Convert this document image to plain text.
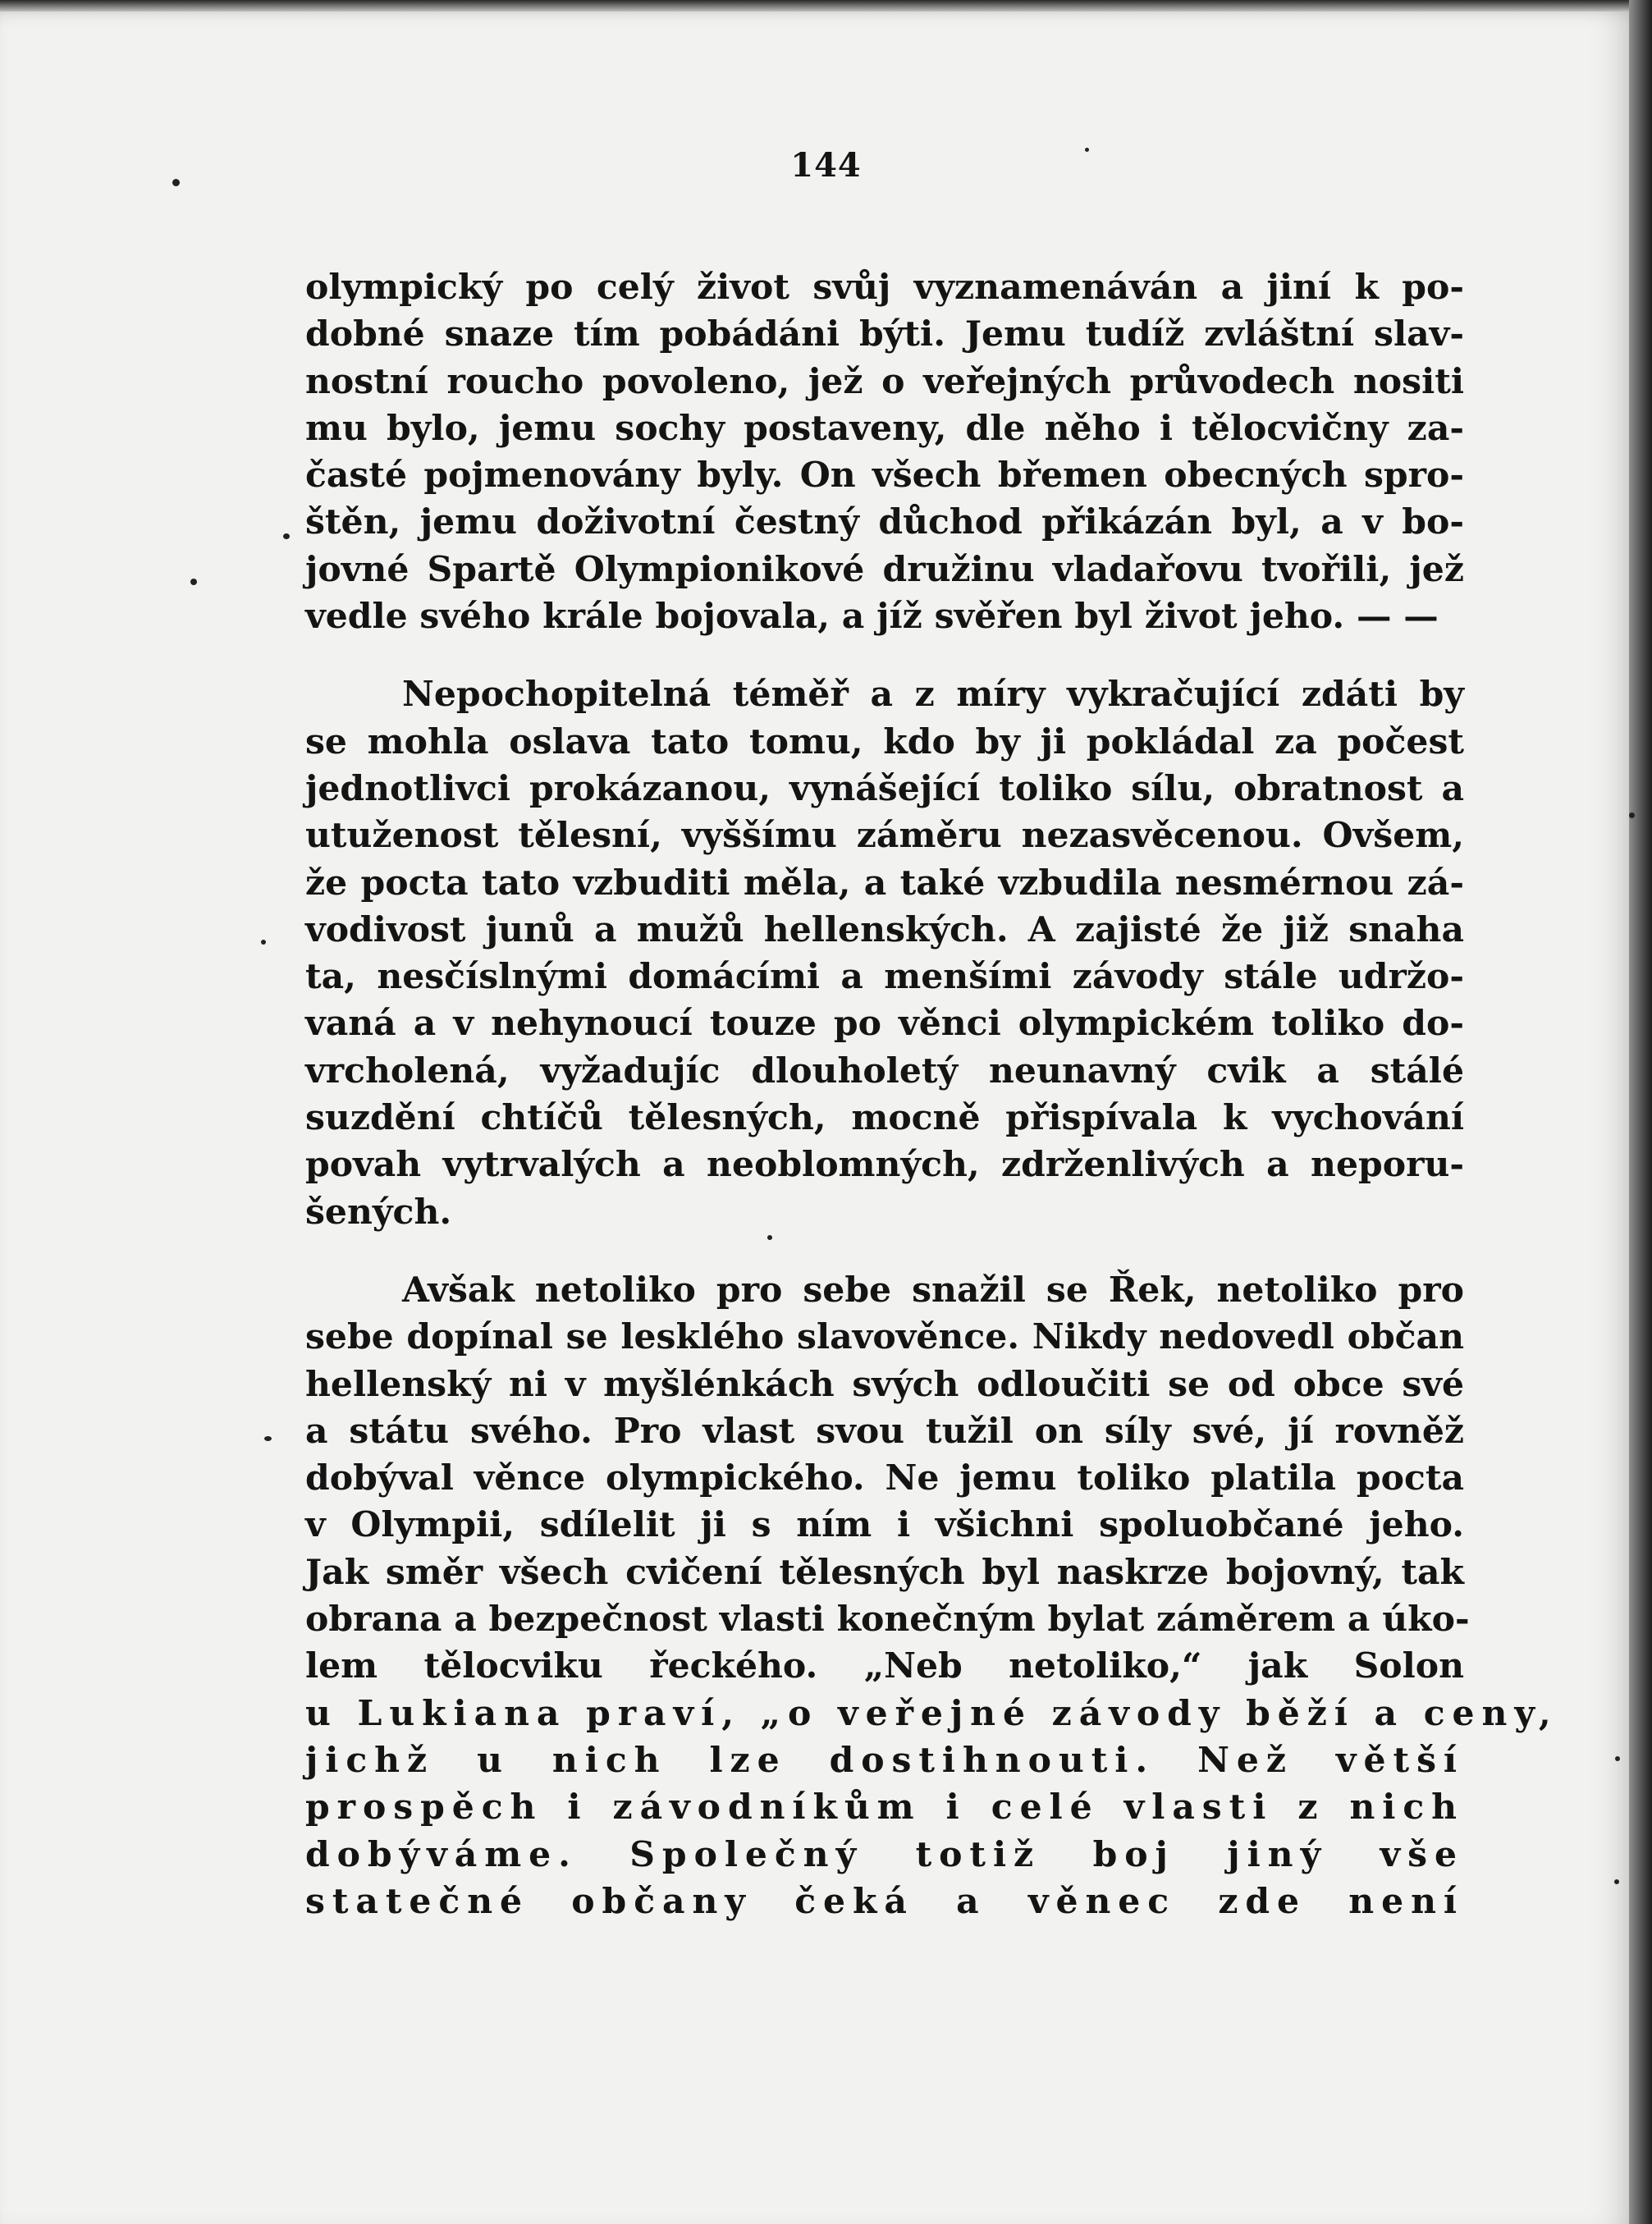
144
olympický po celý život svůj vyznamenáván a jiní k po-
dobné snaze tím pobádáni býti. Jemu tudíž zvláštní slav-
nostní roucho povoleno, jež o veřejných průvodech nositi
mu bylo, jemu sochy postaveny, dle něho i tělocvičny za-
časté pojmenovány byly. On všech břemen obecných spro-
štěn, jemu doživotní čestný důchod přikázán byl, a v bo-
jovné Spartě Olympionikové družinu vladařovu tvořili, jež
vedle svého krále bojovala, a jíž svěřen byl život jeho. — —
Nepochopitelná téměř a z míry vykračující zdáti by
se mohla oslava tato tomu, kdo by ji pokládal za počest
jednotlivci prokázanou, vynášející toliko sílu, obratnost a
utuženost tělesní, vyššímu záměru nezasvěcenou. Ovšem,
že pocta tato vzbuditi měla, a také vzbudila nesmérnou zá-
vodivost junů a mužů hellenských. A zajisté že již snaha
ta, nesčíslnými domácími a menšími závody stále udržo-
vaná a v nehynoucí touze po věnci olympickém toliko do-
vrcholená, vyžadujíc dlouholetý neunavný cvik a stálé
suzdění chtíčů tělesných, mocně přispívala k vychování
povah vytrvalých a neoblomných, zdrženlivých a neporu-
šených.
Avšak netoliko pro sebe snažil se Řek, netoliko pro
sebe dopínal se lesklého slavověnce. Nikdy nedovedl občan
hellenský ni v myšlénkách svých odloučiti se od obce své
a státu svého. Pro vlast svou tužil on síly své, jí rovněž
dobýval věnce olympického. Ne jemu toliko platila pocta
v Olympii, sdílelit ji s ním i všichni spoluobčané jeho.
Jak směr všech cvičení tělesných byl naskrze bojovný, tak
obrana a bezpečnost vlasti konečným bylat záměrem a úko-
lem tělocviku řeckého. „Neb netoliko,“ jak Solon
u Lukiana praví, „o veřejné závody běží a ceny,
jichž u nich lze dostihnouti. Než větší
prospěch i závodníkům i celé vlasti z nich
dobýváme. Společný totiž boj jiný vše
statečné občany čeká a věnec zde není
